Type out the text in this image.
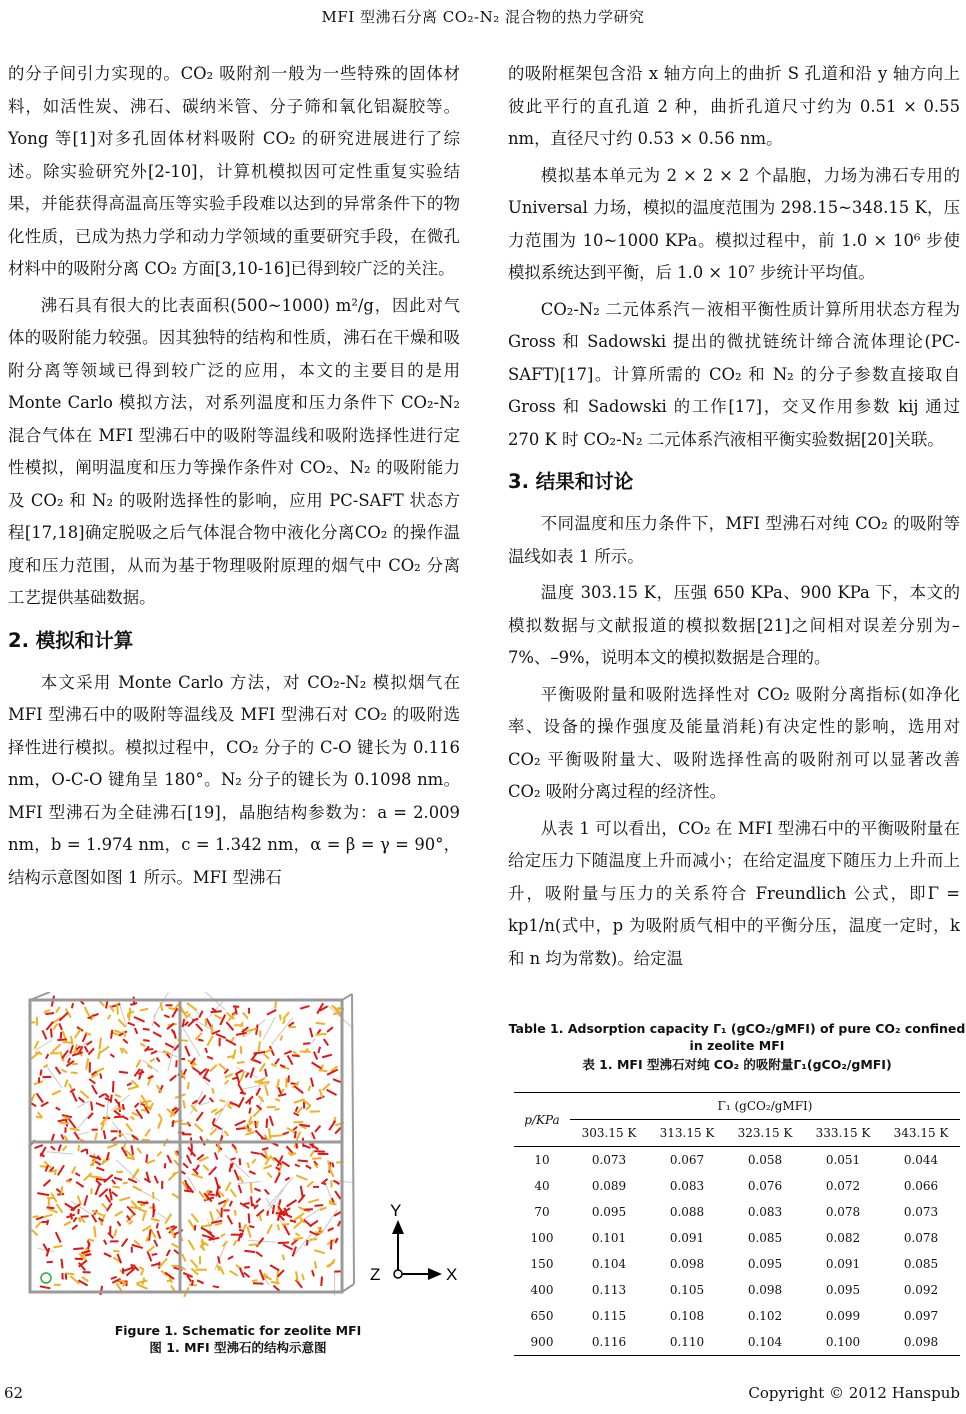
MFI 型沸石分离 CO₂-N₂ 混合物的热力学研究

的分子间引力实现的。CO₂ 吸附剂一般为一些特殊的固体材料，如活性炭、沸石、碳纳米管、分子筛和氧化铝凝胶等。Yong 等[1]对多孔固体材料吸附 CO₂ 的研究进展进行了综述。除实验研究外[2-10]，计算机模拟因可定性重复实验结果，并能获得高温高压等实验手段难以达到的异常条件下的物化性质，已成为热力学和动力学领域的重要研究手段，在微孔材料中的吸附分离 CO₂ 方面[3,10-16]已得到较广泛的关注。

沸石具有很大的比表面积(500~1000) m²/g，因此对气体的吸附能力较强。因其独特的结构和性质，沸石在干燥和吸附分离等领域已得到较广泛的应用，本文的主要目的是用 Monte Carlo 模拟方法，对系列温度和压力条件下 CO₂-N₂ 混合气体在 MFI 型沸石中的吸附等温线和吸附选择性进行定性模拟，阐明温度和压力等操作条件对 CO₂、N₂ 的吸附能力及 CO₂ 和 N₂ 的吸附选择性的影响，应用 PC-SAFT 状态方程[17,18]确定脱吸之后气体混合物中液化分离CO₂ 的操作温度和压力范围，从而为基于物理吸附原理的烟气中 CO₂ 分离工艺提供基础数据。

2. 模拟和计算

本文采用 Monte Carlo 方法，对 CO₂-N₂ 模拟烟气在 MFI 型沸石中的吸附等温线及 MFI 型沸石对 CO₂ 的吸附选择性进行模拟。模拟过程中，CO₂ 分子的 C-O 键长为 0.116 nm，O-C-O 键角呈 180°。N₂ 分子的键长为 0.1098 nm。MFI 型沸石为全硅沸石[19]，晶胞结构参数为：a = 2.009 nm，b = 1.974 nm，c = 1.342 nm，α = β = γ = 90°，结构示意图如图 1 所示。MFI 型沸石

的吸附框架包含沿 x 轴方向上的曲折 S 孔道和沿 y 轴方向上彼此平行的直孔道 2 种，曲折孔道尺寸约为 0.51 × 0.55 nm，直径尺寸约 0.53 × 0.56 nm。

模拟基本单元为 2 × 2 × 2 个晶胞，力场为沸石专用的 Universal 力场，模拟的温度范围为 298.15~348.15 K，压力范围为 10~1000 KPa。模拟过程中，前 1.0 × 10⁶ 步使模拟系统达到平衡，后 1.0 × 10⁷ 步统计平均值。

CO₂-N₂ 二元体系汽－液相平衡性质计算所用状态方程为 Gross 和 Sadowski 提出的微扰链统计缔合流体理论(PC-SAFT)[17]。计算所需的 CO₂ 和 N₂ 的分子参数直接取自 Gross 和 Sadowski 的工作[17]，交叉作用参数 kij 通过 270 K 时 CO₂-N₂ 二元体系汽液相平衡实验数据[20]关联。

3. 结果和讨论

不同温度和压力条件下，MFI 型沸石对纯 CO₂ 的吸附等温线如表 1 所示。

温度 303.15 K，压强 650 KPa、900 KPa 下，本文的模拟数据与文献报道的模拟数据[21]之间相对误差分别为–7%、–9%，说明本文的模拟数据是合理的。

平衡吸附量和吸附选择性对 CO₂ 吸附分离指标(如净化率、设备的操作强度及能量消耗)有决定性的影响，选用对 CO₂ 平衡吸附量大、吸附选择性高的吸附剂可以显著改善 CO₂ 吸附分离过程的经济性。

从表 1 可以看出，CO₂ 在 MFI 型沸石中的平衡吸附量在给定压力下随温度上升而减小；在给定温度下随压力上升而上升，吸附量与压力的关系符合 Freundlich 公式，即Γ = kp1/n(式中，p 为吸附质气相中的平衡分压，温度一定时，k 和 n 均为常数)。给定温

Y
X
Z
Figure 1. Schematic for zeolite MFI
图 1. MFI 型沸石的结构示意图
Table 1. Adsorption capacity Γ₁ (gCO₂/gMFI) of pure CO₂ confined in zeolite MFI
表 1. MFI 型沸石对纯 CO₂ 的吸附量Γ₁(gCO₂/gMFI)
p/KPa	Γ₁ (gCO₂/gMFI)				
	303.15 K	313.15 K	323.15 K	333.15 K	343.15 K
10	0.073	0.067	0.058	0.051	0.044
40	0.089	0.083	0.076	0.072	0.066
70	0.095	0.088	0.083	0.078	0.073
100	0.101	0.091	0.085	0.082	0.078
150	0.104	0.098	0.095	0.091	0.085
400	0.113	0.105	0.098	0.095	0.092
650	0.115	0.108	0.102	0.099	0.097
900	0.116	0.110	0.104	0.100	0.098
62	Copyright © 2012 Hanspub
